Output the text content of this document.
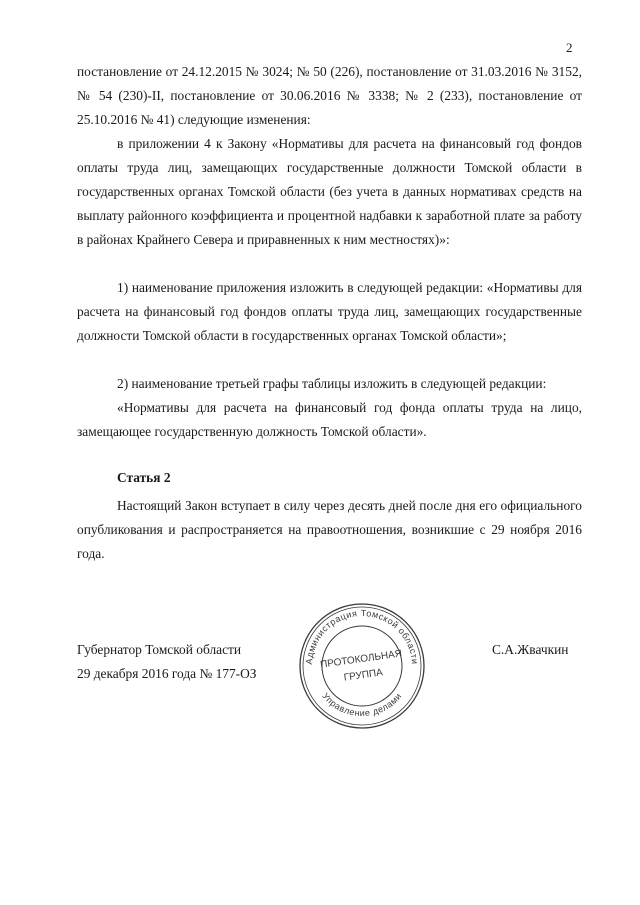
2

постановление от 24.12.2015 № 3024; № 50 (226), постановление от 31.03.2016 № 3152, № 54 (230)-II, постановление от 30.06.2016 № 3338; № 2 (233), постановление от 25.10.2016 № 41) следующие изменения:

в приложении 4 к Закону «Нормативы для расчета на финансовый год фондов оплаты труда лиц, замещающих государственные должности Томской области в государственных органах Томской области (без учета в данных нормативах средств на выплату районного коэффициента и процентной надбавки к заработной плате за работу в районах Крайнего Севера и приравненных к ним местностях)»:

1) наименование приложения изложить в следующей редакции: «Нормативы для расчета на финансовый год фондов оплаты труда лиц, замещающих государственные должности Томской области в государственных органах Томской области»;

2) наименование третьей графы таблицы изложить в следующей редакции:

«Нормативы для расчета на финансовый год фонда оплаты труда на лицо, замещающее государственную должность Томской области».

Статья 2

Настоящий Закон вступает в силу через десять дней после дня его официального опубликования и распространяется на правоотношения, возникшие с 29 ноября 2016 года.

Губернатор Томской области
29 декабря 2016 года № 177-ОЗ
С.А.Жвачкин
Администрация Томской области
Управление делами
ПРОТОКОЛЬНАЯ
ГРУППА
